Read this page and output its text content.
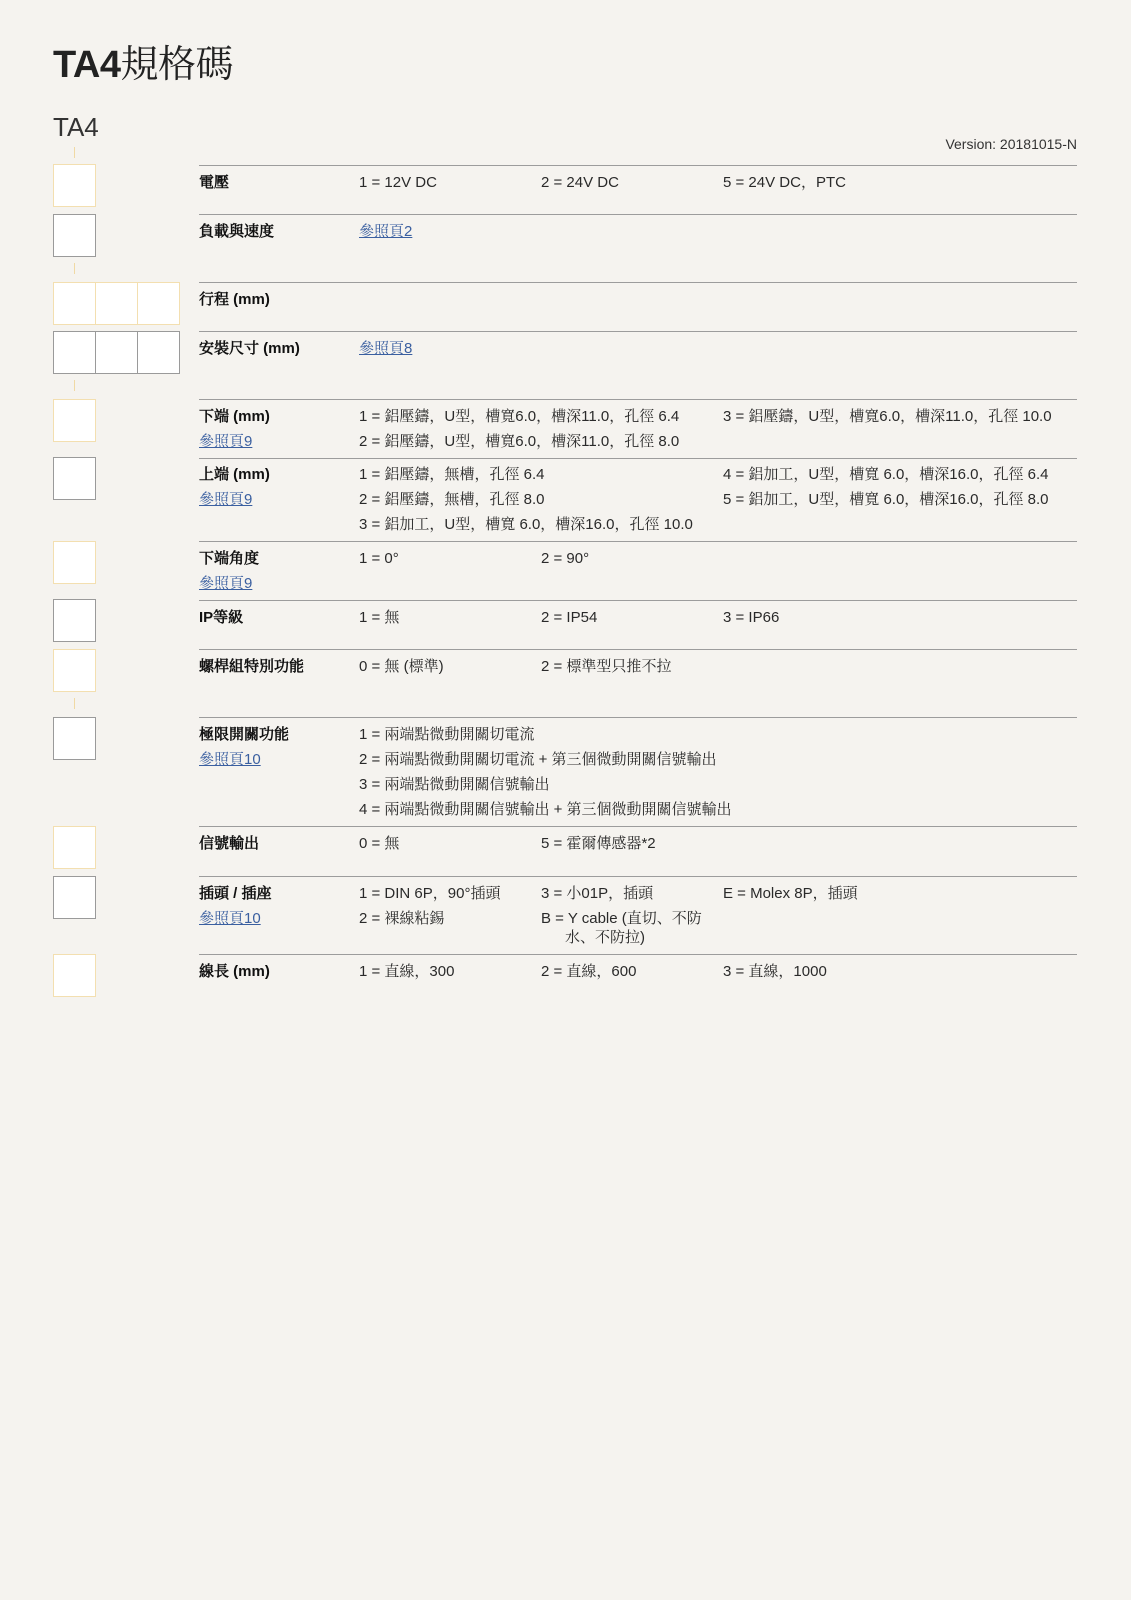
TA4規格碼
TA4
Version: 20181015-N
電壓	1 = 12V DC	2 = 24V DC	5 = 24V DC，PTC
負載與速度	參照頁2
行程 (mm)
安裝尺寸 (mm)	參照頁8
下端 (mm)
參照頁9
1 = 鋁壓鑄，U型，槽寬6.0，槽深11.0，孔徑 6.4
2 = 鋁壓鑄，U型，槽寬6.0，槽深11.0，孔徑 8.0
3 = 鋁壓鑄，U型，槽寬6.0，槽深11.0，孔徑 10.0
上端 (mm)
參照頁9
1 = 鋁壓鑄，無槽，孔徑 6.4
2 = 鋁壓鑄，無槽，孔徑 8.0
3 = 鋁加工，U型，槽寬 6.0，槽深16.0，孔徑 10.0
4 = 鋁加工，U型，槽寬 6.0，槽深16.0，孔徑 6.4
5 = 鋁加工，U型，槽寬 6.0，槽深16.0，孔徑 8.0
下端角度
參照頁9
1 = 0°	2 = 90°
IP等級	1 = 無	2 = IP54	3 = IP66
螺桿組特別功能	0 = 無 (標準)	2 = 標準型只推不拉
極限開關功能
參照頁10
1 = 兩端點微動開關切電流
2 = 兩端點微動開關切電流 + 第三個微動開關信號輸出
3 = 兩端點微動開關信號輸出
4 = 兩端點微動開關信號輸出 + 第三個微動開關信號輸出
信號輸出	0 = 無	5 = 霍爾傳感器*2
插頭 / 插座
參照頁10
1 = DIN 6P，90°插頭
2 = 裸線粘錫
3 = 小01P，插頭
B = Y cable (直切、不防
水、不防拉)
E = Molex 8P，插頭
線長 (mm)	1 = 直線，300	2 = 直線，600	3 = 直線，1000
